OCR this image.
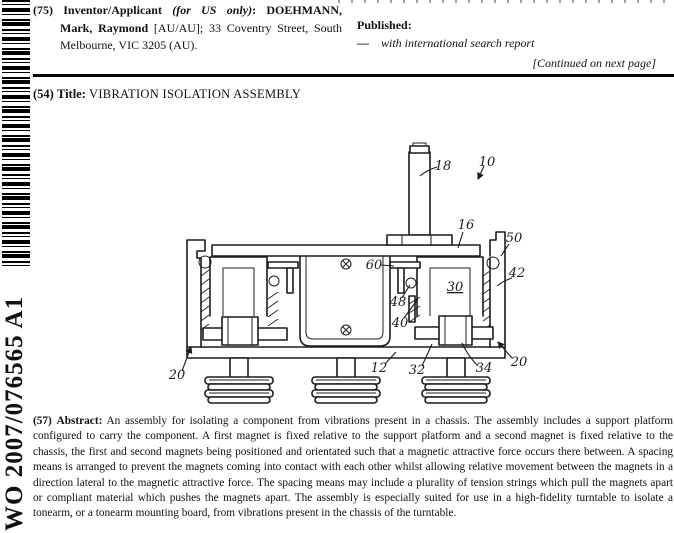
WO 2007/076565 A1
(75) Inventor/Applicant (for US only): DOEHMANN,
Mark, Raymond [AU/AU]; 33 Coventry Street, South
Melbourne, VIC 3205 (AU).
Published:
— with international search report
[Continued on next page]
(54) Title: VIBRATION ISOLATION ASSEMBLY
18 10
16
50
42
30
60
48
40
20	12 32	34 20
(57) Abstract: An assembly for isolating a component from vibrations present in a chassis. The assembly includes a support platform configured to carry the component. A first magnet is fixed relative to the support platform and a second magnet is fixed relative to the chassis, the first and second magnets being positioned and orientated such that a magnetic attractive force occurs there between. A spacing means is arranged to prevent the magnets coming into contact with each other whilst allowing relative movement between the magnets in a direction lateral to the magnetic attractive force. The spacing means may include a plurality of tension strings which pull the magnets apart or compliant material which pushes the magnets apart. The assembly is especially suited for use in a high-fidelity turntable to isolate a tonearm, or a tonearm mounting board, from vibrations present in the chassis of the turntable.
